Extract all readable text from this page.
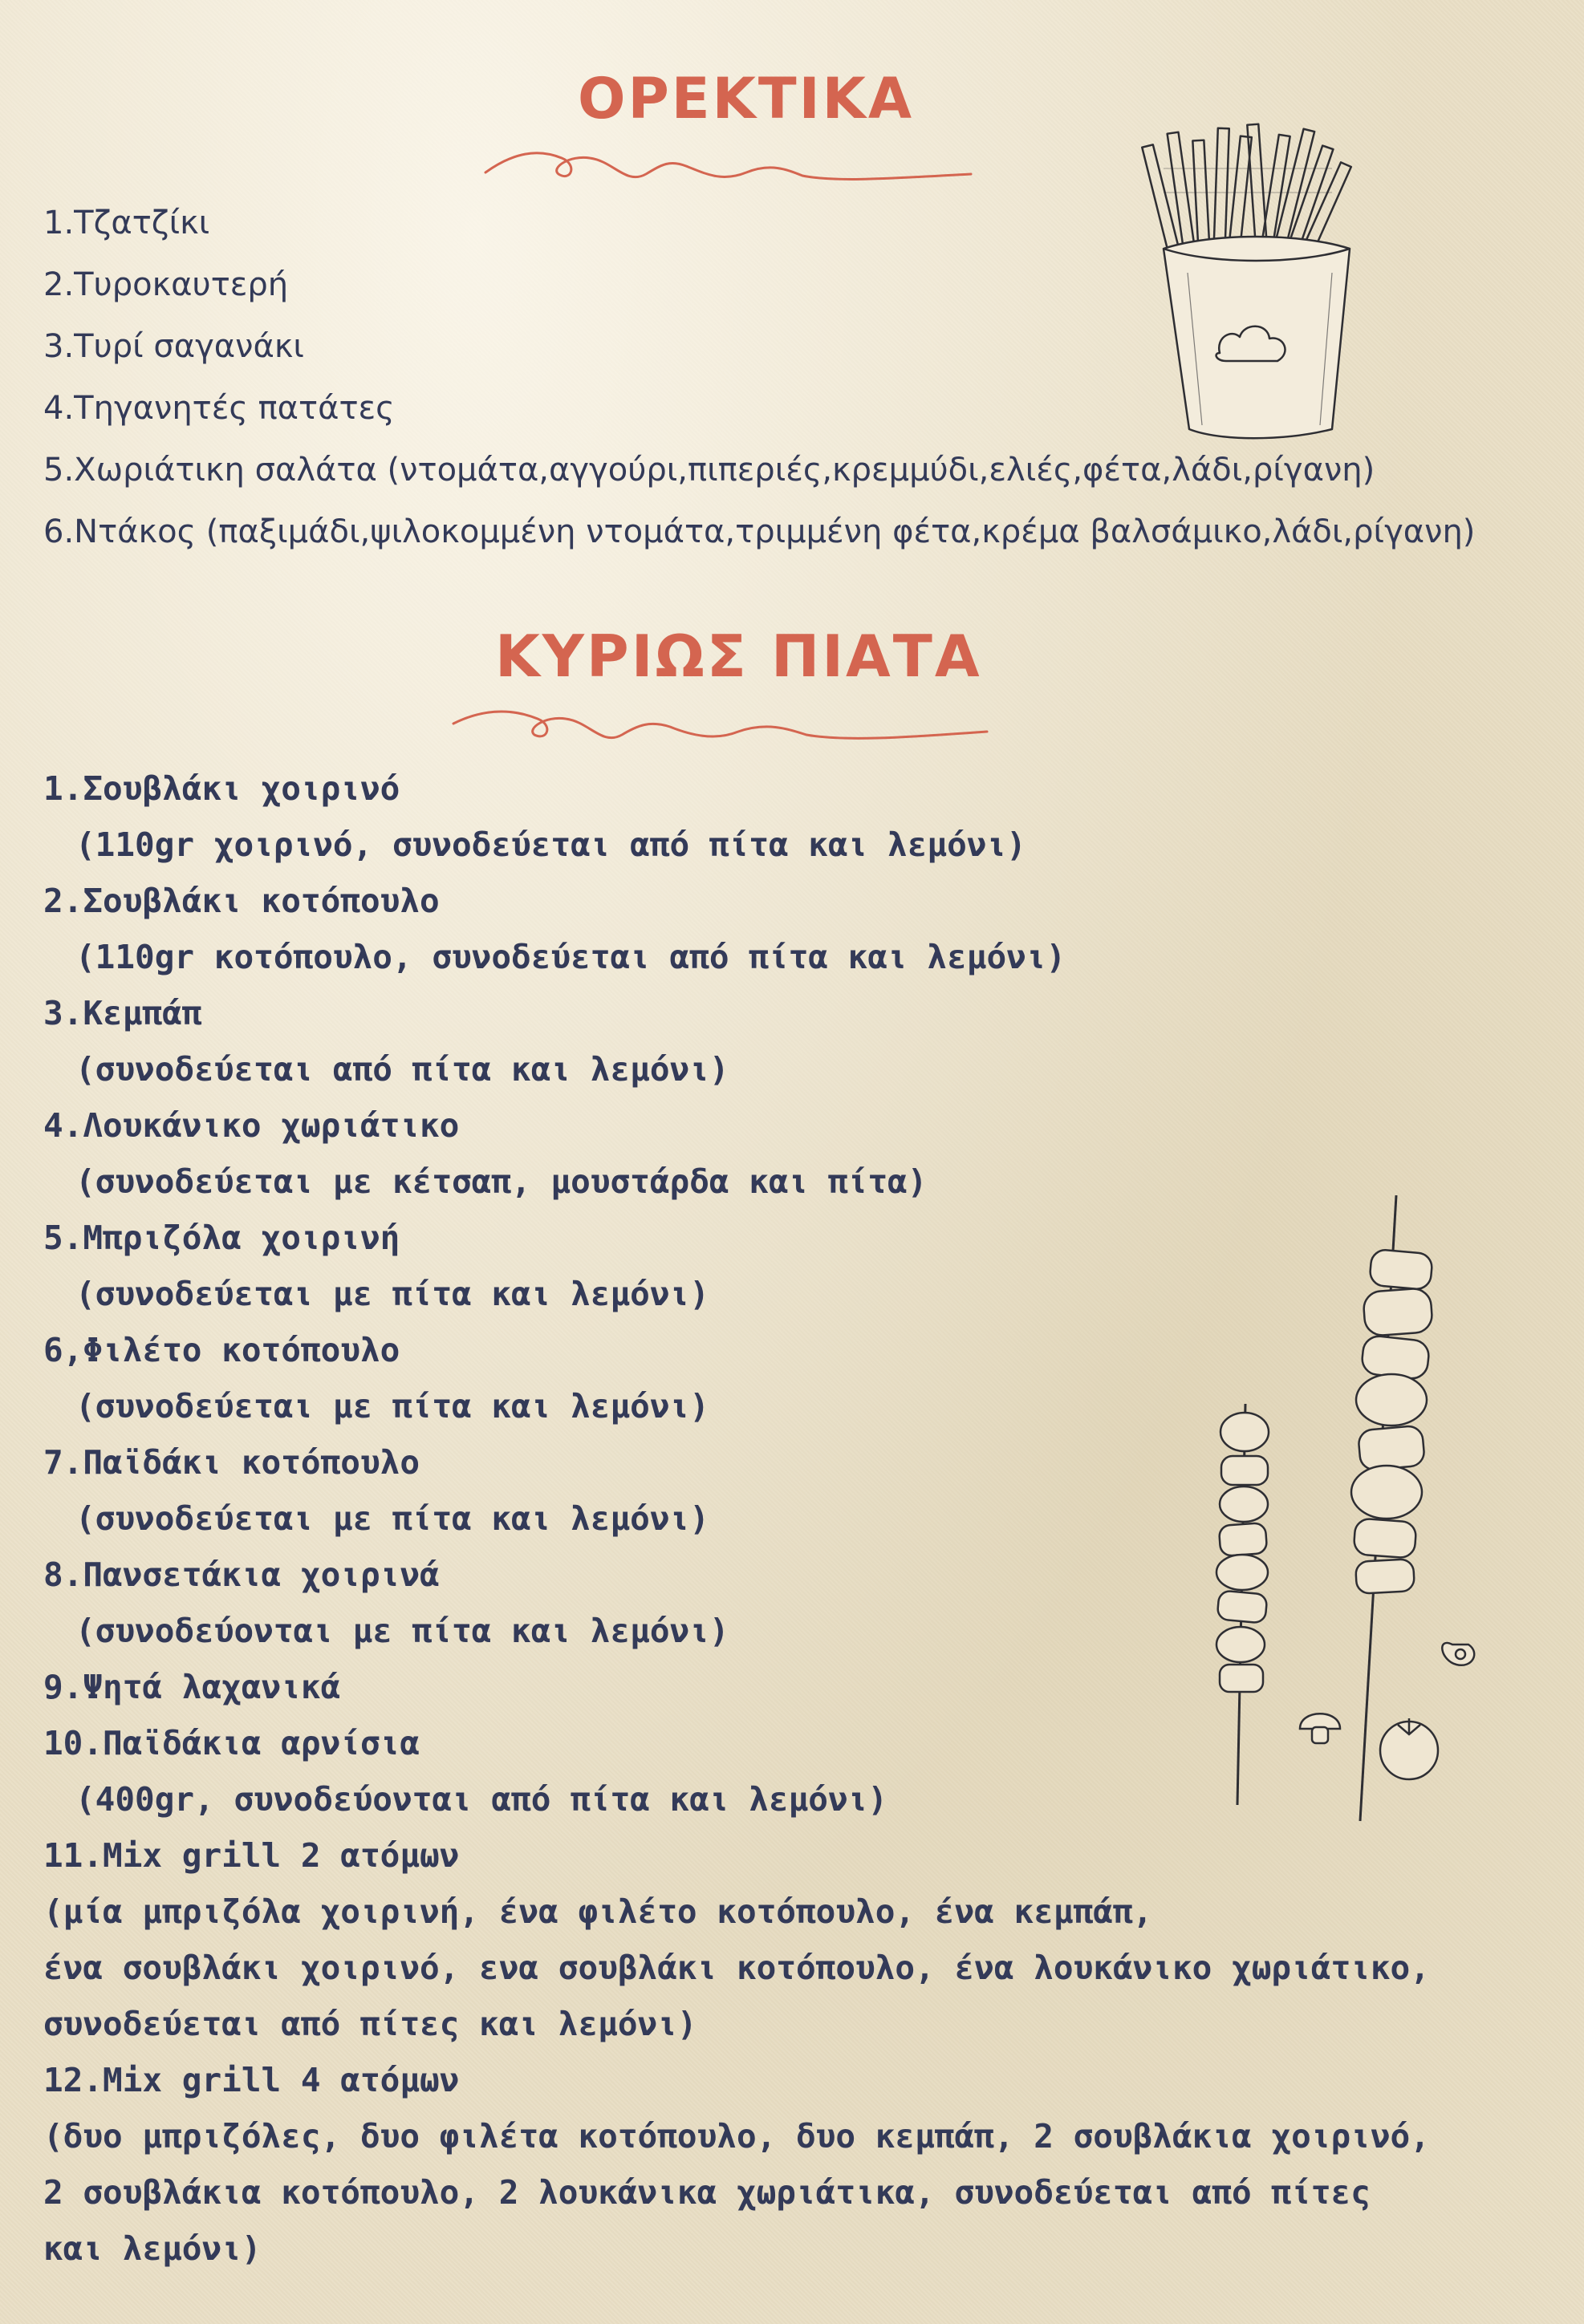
ΟΡΕΚΤΙΚΑ
1.Τζατζίκι
2.Τυροκαυτερή
3.Τυρί σαγανάκι
4.Τηγανητές πατάτες
5.Χωριάτικη σαλάτα (ντομάτα,αγγούρι,πιπεριές,κρεμμύδι,ελιές,φέτα,λάδι,ρίγανη)
6.Ντάκος (παξιμάδι,ψιλοκομμένη ντομάτα,τριμμένη φέτα,κρέμα βαλσάμικο,λάδι,ρίγανη)
ΚΥΡΙΩΣ ΠΙΑΤΑ
1.Σουβλάκι χοιρινό
(110gr χοιρινό, συνοδεύεται από πίτα και λεμόνι)
2.Σουβλάκι κοτόπουλο
(110gr κοτόπουλο, συνοδεύεται από πίτα και λεμόνι)
3.Κεμπάπ
(συνοδεύεται από πίτα και λεμόνι)
4.Λουκάνικο χωριάτικο
(συνοδεύεται με κέτσαπ, μουστάρδα και πίτα)
5.Μπριζόλα χοιρινή
(συνοδεύεται με πίτα και λεμόνι)
6,Φιλέτο κοτόπουλο
(συνοδεύεται με πίτα και λεμόνι)
7.Παϊδάκι κοτόπουλο
(συνοδεύεται με πίτα και λεμόνι)
8.Πανσετάκια χοιρινά
(συνοδεύονται με πίτα και λεμόνι)
9.Ψητά λαχανικά
10.Παϊδάκια αρνίσια
(400gr, συνοδεύονται από πίτα και λεμόνι)
11.Mix grill 2 ατόμων
(μία μπριζόλα χοιρινή, ένα φιλέτο κοτόπουλο, ένα κεμπάπ,
ένα σουβλάκι χοιρινό, ενα σουβλάκι κοτόπουλο, ένα λουκάνικο χωριάτικο,
συνοδεύεται από πίτες και λεμόνι)
12.Mix grill 4 ατόμων
(δυο μπριζόλες, δυο φιλέτα κοτόπουλο, δυο κεμπάπ, 2 σουβλάκια χοιρινό,
2 σουβλάκια κοτόπουλο, 2 λουκάνικα χωριάτικα, συνοδεύεται από πίτες
και λεμόνι)
